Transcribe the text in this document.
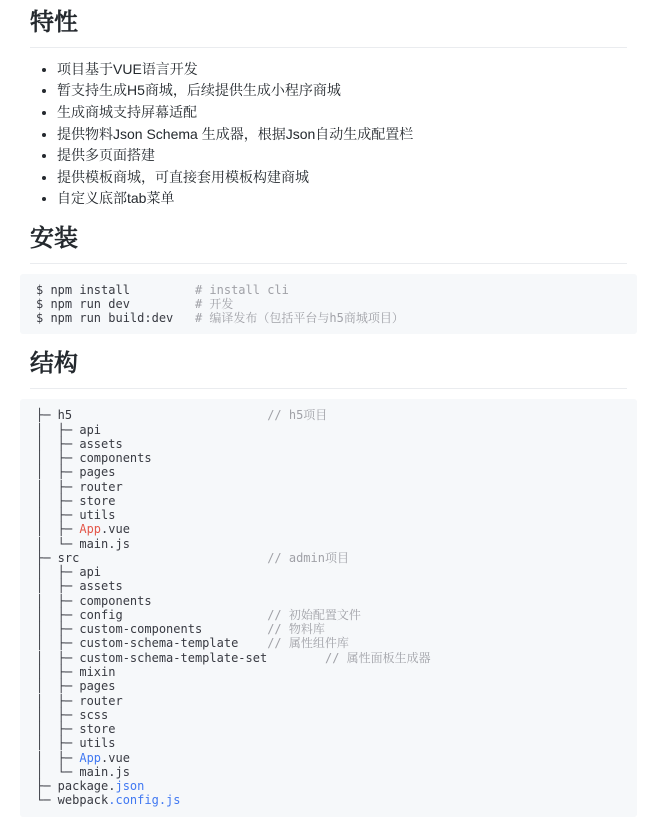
特性
• 项目基于VUE语言开发
• 暂支持生成H5商城，后续提供生成小程序商城
• 生成商城支持屏幕适配
• 提供物料Json Schema 生成器，根据Json自动生成配置栏
• 提供多页面搭建
• 提供模板商城，可直接套用模板构建商城
• 自定义底部tab菜单
安装
$ npm install         # install cli
$ npm run dev         # 开发
$ npm run build:dev   # 编译发布（包括平台与h5商城项目）
结构
├─ h5                           // h5项目
│  ├─ api
│  ├─ assets
│  ├─ components
│  ├─ pages
│  ├─ router
│  ├─ store
│  ├─ utils
│  ├─ App.vue
│  └─ main.js
├─ src                          // admin项目
│  ├─ api
│  ├─ assets
│  ├─ components
│  ├─ config                    // 初始配置文件
│  ├─ custom-components         // 物料库
│  ├─ custom-schema-template    // 属性组件库
│  ├─ custom-schema-template-set        // 属性面板生成器
│  ├─ mixin
│  ├─ pages
│  ├─ router
│  ├─ scss
│  ├─ store
│  ├─ utils
│  ├─ App.vue
│  └─ main.js
├─ package.json
└─ webpack.config.js
